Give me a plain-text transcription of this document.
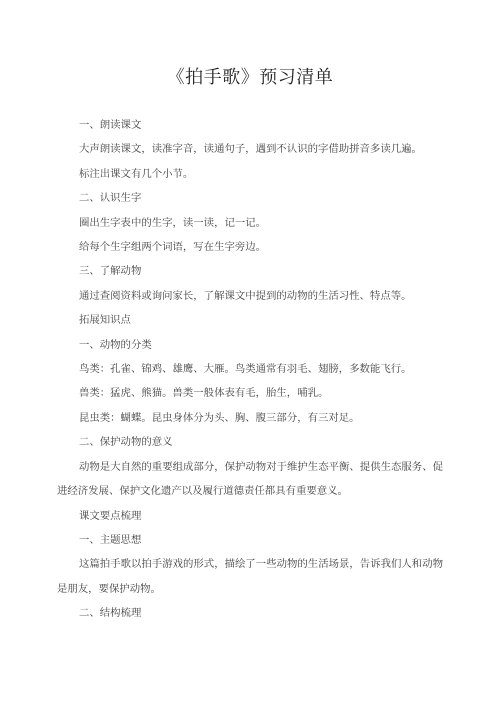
《拍手歌》预习清单

一、朗读课文

大声朗读课文，读准字音，读通句子，遇到不认识的字借助拼音多读几遍。

标注出课文有几个小节。

二、认识生字

圈出生字表中的生字，读一读，记一记。

给每个生字组两个词语，写在生字旁边。

三、了解动物

通过查阅资料或询问家长，了解课文中提到的动物的生活习性、特点等。

拓展知识点

一、动物的分类

鸟类：孔雀、锦鸡、雄鹰、大雁。鸟类通常有羽毛、翅膀，多数能飞行。

兽类：猛虎、熊猫。兽类一般体表有毛，胎生，哺乳。

昆虫类：蝴蝶。昆虫身体分为头、胸、腹三部分，有三对足。

二、保护动物的意义

动物是大自然的重要组成部分，保护动物对于维护生态平衡、提供生态服务、促进经济发展、保护文化遗产以及履行道德责任都具有重要意义。

课文要点梳理

一、主题思想

这篇拍手歌以拍手游戏的形式，描绘了一些动物的生活场景，告诉我们人和动物是朋友，要保护动物。

二、结构梳理
